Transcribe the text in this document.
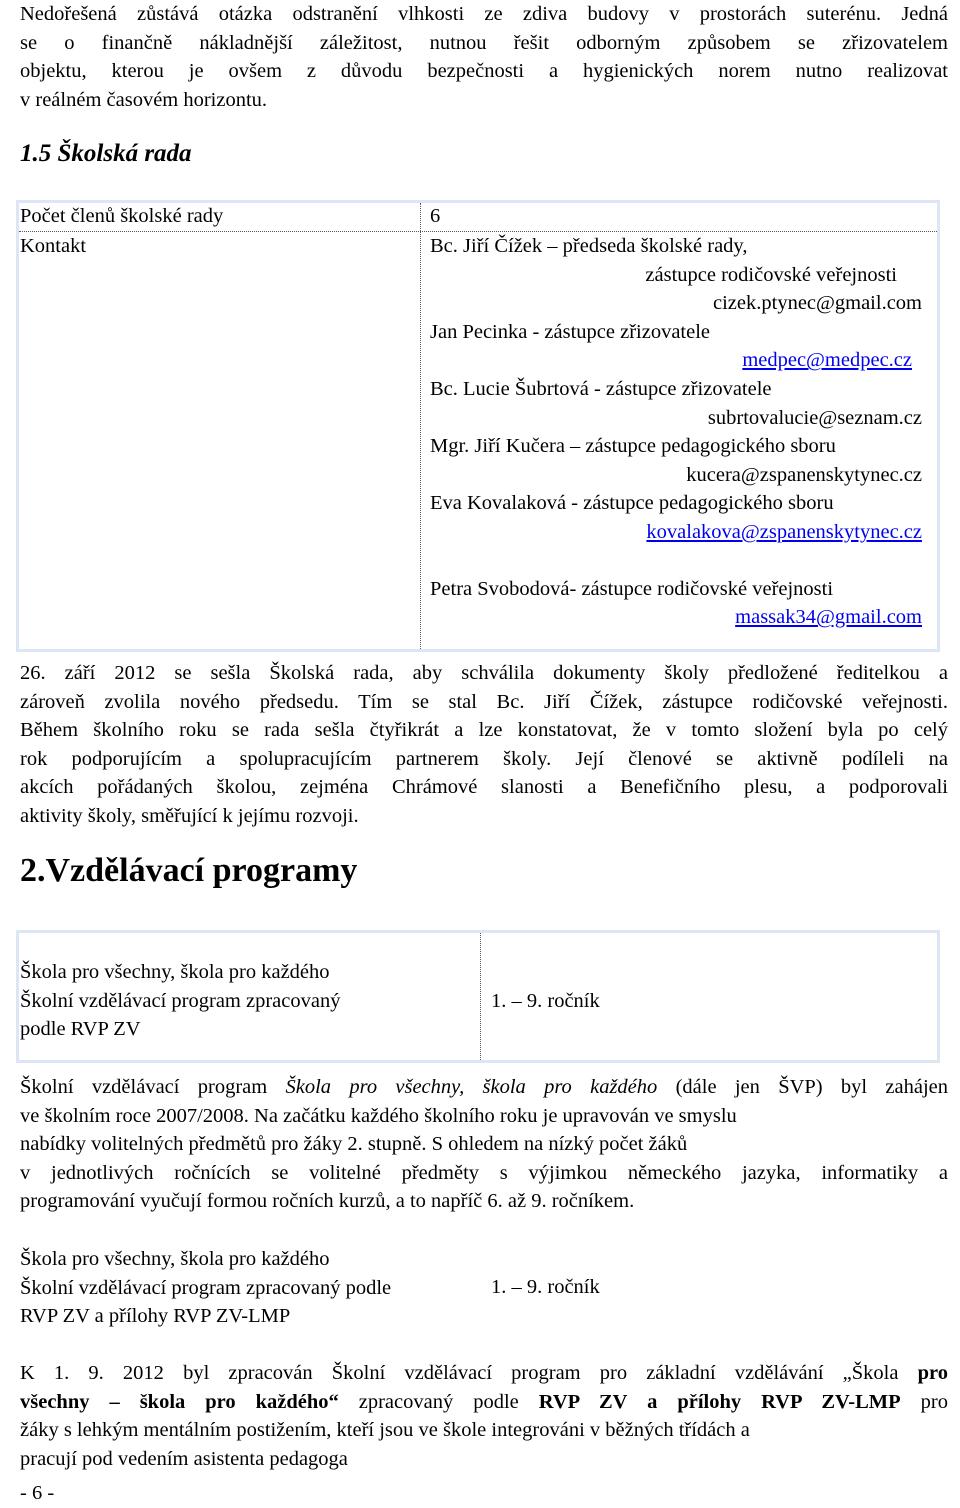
Nedořešená zůstává otázka odstranění vlhkosti ze zdiva budovy v prostorách suterénu. Jedná
se o finančně nákladnější záležitost, nutnou řešit odborným způsobem se zřizovatelem
objektu, kterou je ovšem z důvodu bezpečnosti a hygienických norem nutno realizovat
v reálném časovém horizontu.
1.5 Školská rada
Počet členů školské rady	6
Kontakt	Bc. Jiří Čížek – předseda školské rady,
zástupce rodičovské veřejnosti
cizek.ptynec@gmail.com
Jan Pecinka - zástupce zřizovatele
medpec@medpec.cz
Bc. Lucie Šubrtová - zástupce zřizovatele
subrtovalucie@seznam.cz
Mgr. Jiří Kučera – zástupce pedagogického sboru
kucera@zspanenskytynec.cz
Eva Kovalaková - zástupce pedagogického sboru
kovalakova@zspanenskytynec.cz
Petra Svobodová- zástupce rodičovské veřejnosti
massak34@gmail.com
26. září 2012 se sešla Školská rada, aby schválila dokumenty školy předložené ředitelkou a
zároveň zvolila nového předsedu. Tím se stal Bc. Jiří Čížek, zástupce rodičovské veřejnosti.
Během školního roku se rada sešla čtyřikrát a lze konstatovat, že v tomto složení byla po celý
rok podporujícím a spolupracujícím partnerem školy. Její členové se aktivně podíleli na
akcích pořádaných školou, zejména Chrámové slanosti a Benefičního plesu, a podporovali
aktivity školy, směřující k jejímu rozvoji.
2.Vzdělávací programy
Škola pro všechny, škola pro každého
Školní vzdělávací program zpracovaný
podle RVP ZV
1. – 9. ročník
Školní vzdělávací program Škola pro všechny, škola pro každého (dále jen ŠVP) byl zahájen
ve školním roce 2007/2008. Na začátku každého školního roku je upravován ve smyslu
nabídky volitelných předmětů pro žáky 2. stupně. S ohledem na nízký počet žáků
v jednotlivých ročnících se volitelné předměty s výjimkou německého jazyka, informatiky a
programování vyučují formou ročních kurzů, a to napříč 6. až 9. ročníkem.
Škola pro všechny, škola pro každého
Školní vzdělávací program zpracovaný podle
RVP ZV a přílohy RVP ZV-LMP
1. – 9. ročník
K 1. 9. 2012 byl zpracován Školní vzdělávací program pro základní vzdělávání „Škola pro
všechny – škola pro každého“ zpracovaný podle RVP ZV a přílohy RVP ZV-LMP pro
žáky s lehkým mentálním postižením, kteří jsou ve škole integrováni v běžných třídách a
pracují pod vedením asistenta pedagoga
- 6 -
